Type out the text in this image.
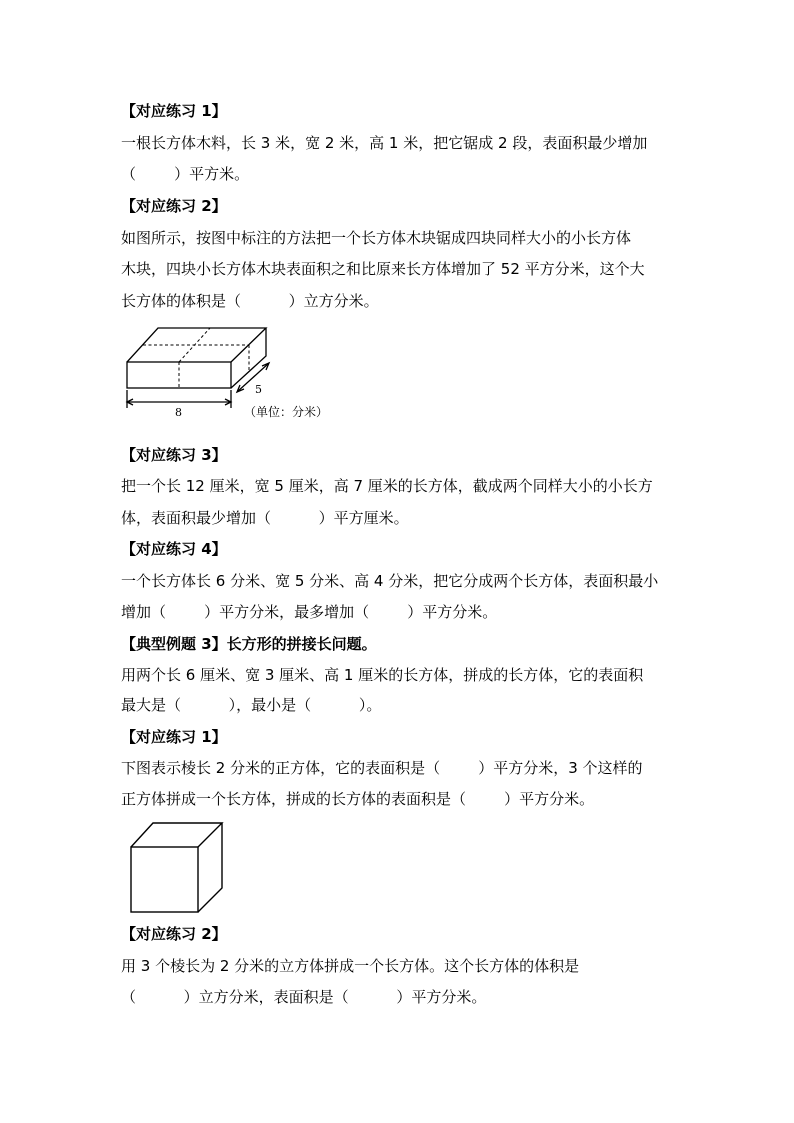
【对应练习 1】
一根长方体木料，长 3 米，宽 2 米，高 1 米，把它锯成 2 段，表面积最少增加
（        ）平方米。
【对应练习 2】
如图所示，按图中标注的方法把一个长方体木块锯成四块同样大小的小长方体
木块，四块小长方体木块表面积之和比原来长方体增加了 52 平方分米，这个大
长方体的体积是（          ）立方分米。
8
5
（单位：分米）
【对应练习 3】
把一个长 12 厘米，宽 5 厘米，高 7 厘米的长方体，截成两个同样大小的小长方
体，表面积最少增加（          ）平方厘米。
【对应练习 4】
一个长方体长 6 分米、宽 5 分米、高 4 分米，把它分成两个长方体，表面积最小
增加（        ）平方分米，最多增加（        ）平方分米。
【典型例题 3】长方形的拼接长问题。
用两个长 6 厘米、宽 3 厘米、高 1 厘米的长方体，拼成的长方体，它的表面积
最大是（          ），最小是（          ）。
【对应练习 1】
下图表示棱长 2 分米的正方体，它的表面积是（        ）平方分米，3 个这样的
正方体拼成一个长方体，拼成的长方体的表面积是（        ）平方分米。
【对应练习 2】
用 3 个棱长为 2 分米的立方体拼成一个长方体。这个长方体的体积是
（          ）立方分米，表面积是（          ）平方分米。
